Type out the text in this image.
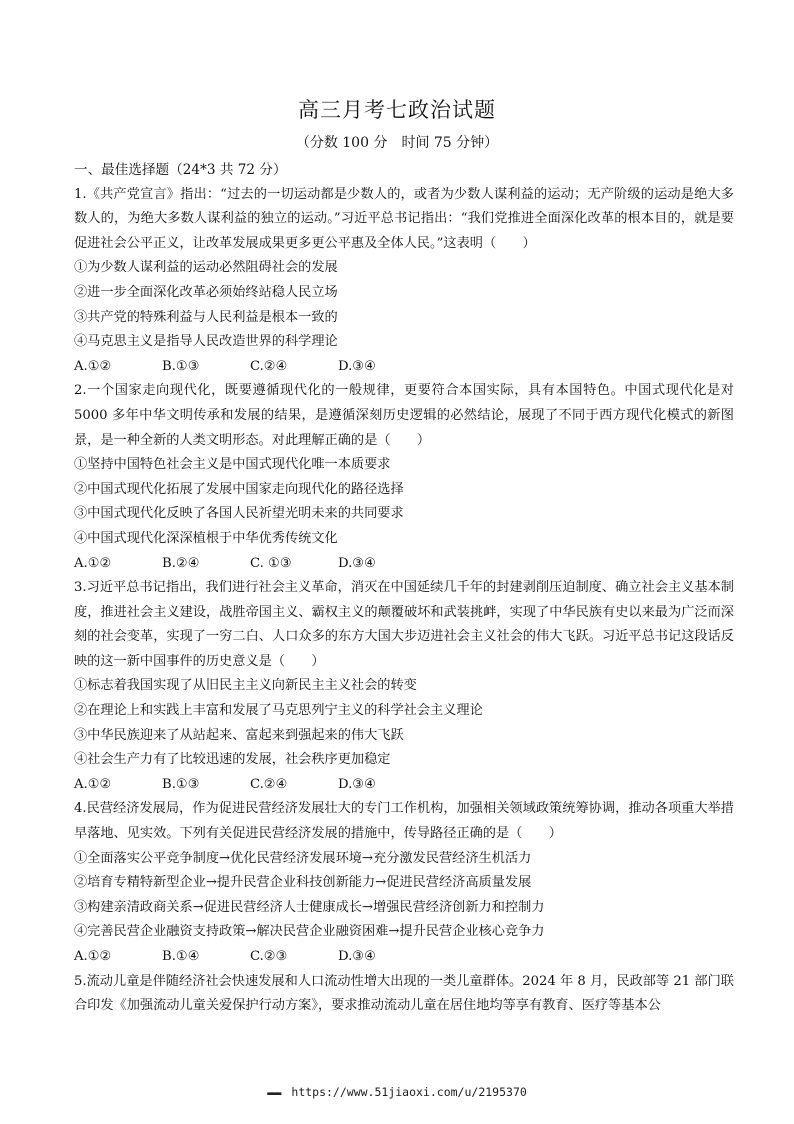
高三月考七政治试题
（分数 100 分　时间 75 分钟）

一、最佳选择题（24*3 共 72 分）

1.《共产党宣言》指出：“过去的一切运动都是少数人的，或者为少数人谋利益的运动；无产阶级的运动是绝大多数人的，为绝大多数人谋利益的独立的运动。”习近平总书记指出：“我们党推进全面深化改革的根本目的，就是要促进社会公平正义，让改革发展成果更多更公平惠及全体人民。”这表明（　　）

①为少数人谋利益的运动必然阻碍社会的发展

②进一步全面深化改革必须始终站稳人民立场

③共产党的特殊利益与人民利益是根本一致的

④马克思主义是指导人民改造世界的科学理论

A.①②	B.①③	C.②④	D.③④

2.一个国家走向现代化，既要遵循现代化的一般规律，更要符合本国实际，具有本国特色。中国式现代化是对 5000 多年中华文明传承和发展的结果，是遵循深刻历史逻辑的必然结论，展现了不同于西方现代化模式的新图景，是一种全新的人类文明形态。对此理解正确的是（　　）

①坚持中国特色社会主义是中国式现代化唯一本质要求

②中国式现代化拓展了发展中国家走向现代化的路径选择

③中国式现代化反映了各国人民祈望光明未来的共同要求

④中国式现代化深深植根于中华优秀传统文化

A.①②	B.②④	C. ①③	D.③④

3.习近平总书记指出，我们进行社会主义革命，消灭在中国延续几千年的封建剥削压迫制度、确立社会主义基本制度，推进社会主义建设，战胜帝国主义、霸权主义的颠覆破坏和武装挑衅，实现了中华民族有史以来最为广泛而深刻的社会变革，实现了一穷二白、人口众多的东方大国大步迈进社会主义社会的伟大飞跃。习近平总书记这段话反映的这一新中国事件的历史意义是（　　）

①标志着我国实现了从旧民主主义向新民主主义社会的转变

②在理论上和实践上丰富和发展了马克思列宁主义的科学社会主义理论

③中华民族迎来了从站起来、富起来到强起来的伟大飞跃

④社会生产力有了比较迅速的发展，社会秩序更加稳定

A.①②	B.①③	C.②④	D.③④

4.民营经济发展局，作为促进民营经济发展壮大的专门工作机构，加强相关领域政策统筹协调，推动各项重大举措早落地、见实效。下列有关促进民营经济发展的措施中，传导路径正确的是（　　）

①全面落实公平竞争制度→优化民营经济发展环境→充分激发民营经济生机活力

②培育专精特新型企业→提升民营企业科技创新能力→促进民营经济高质量发展

③构建亲清政商关系→促进民营经济人士健康成长→增强民营经济创新力和控制力

④完善民营企业融资支持政策→解决民营企业融资困难→提升民营企业核心竞争力

A.①②	B.①④	C.②③	D.③④

5.流动儿童是伴随经济社会快速发展和人口流动性增大出现的一类儿童群体。2024 年 8 月，民政部等 21 部门联合印发《加强流动儿童关爱保护行动方案》，要求推动流动儿童在居住地均等享有教育、医疗等基本公

▬▬▬ https://www.51jiaoxi.com/u/2195370
